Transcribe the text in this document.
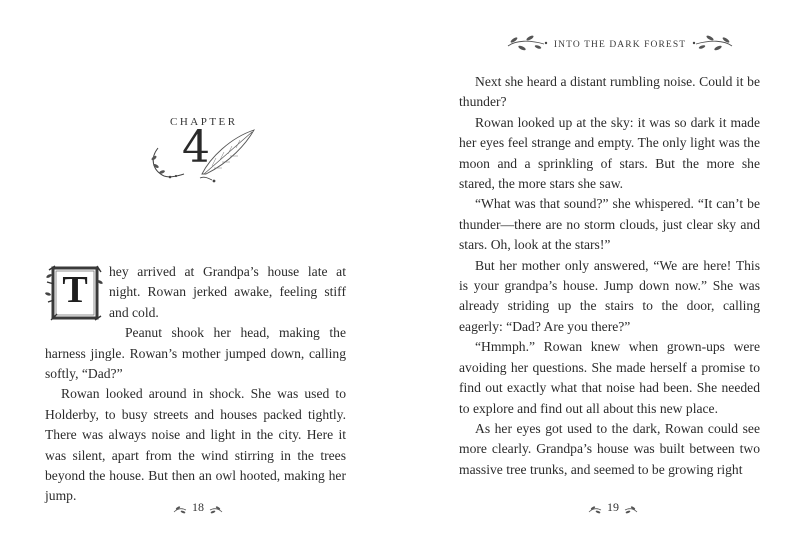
CHAPTER
4
T	hey arrived at Grandpa’s house late at night. Rowan jerked awake, feeling stiff and cold.

Peanut shook her head, making the harness jingle. Rowan’s mother jumped down, calling softly, “Dad?”

Rowan looked around in shock. She was used to Holderby, to busy streets and houses packed tightly. There was always noise and light in the city. Here it was silent, apart from the wind stirring in the trees beyond the house. But then an owl hooted, making her jump.

18
INTO THE DARK FOREST

Next she heard a distant rumbling noise. Could it be thunder?

Rowan looked up at the sky: it was so dark it made her eyes feel strange and empty. The only light was the moon and a sprinkling of stars. But the more she stared, the more stars she saw.

“What was that sound?” she whispered. “It can’t be thunder—there are no storm clouds, just clear sky and stars. Oh, look at the stars!”

But her mother only answered, “We are here! This is your grandpa’s house. Jump down now.” She was already striding up the stairs to the door, calling eagerly: “Dad? Are you there?”

“Hmmph.” Rowan knew when grown-ups were avoiding her questions. She made herself a promise to find out exactly what that noise had been. She needed to explore and find out all about this new place.

As her eyes got used to the dark, Rowan could see more clearly. Grandpa’s house was built between two massive tree trunks, and seemed to be growing right

19
